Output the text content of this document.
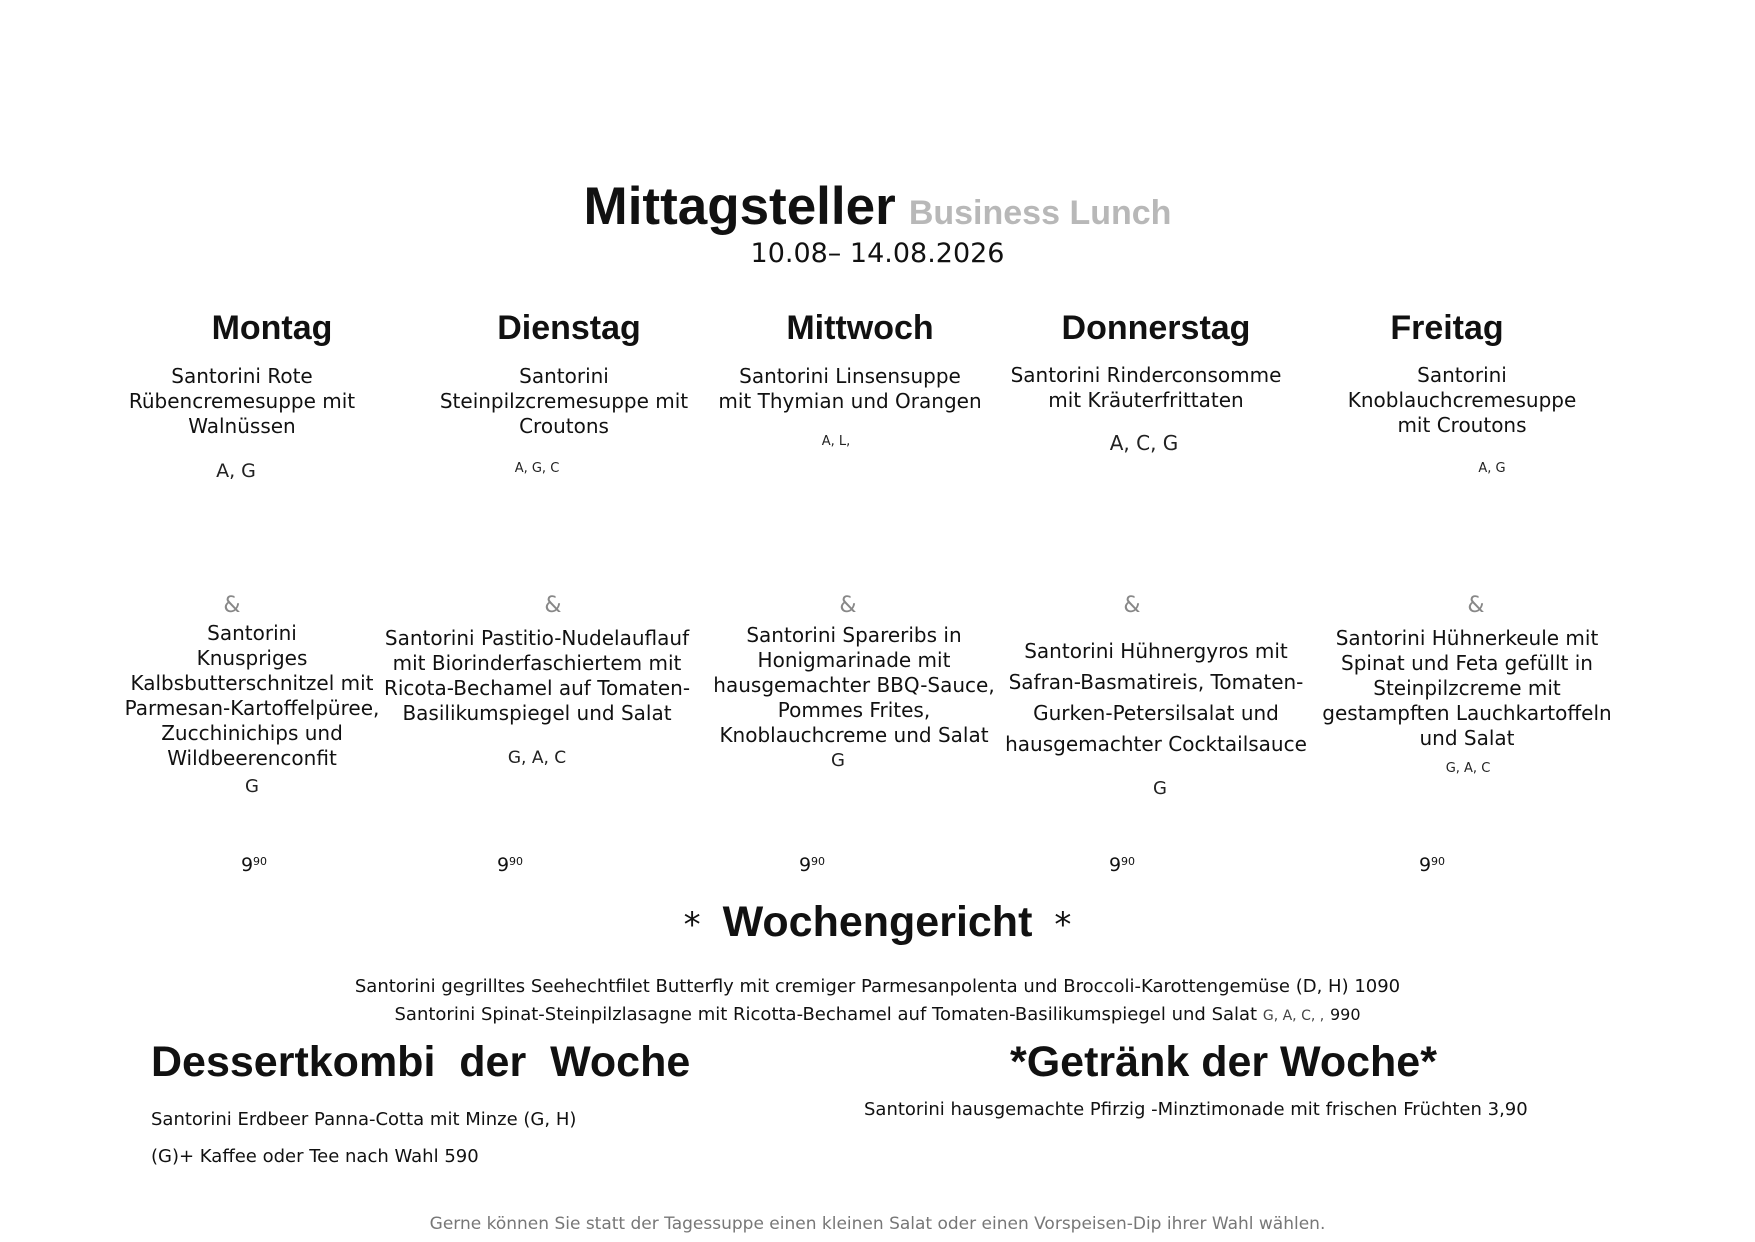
Mittagsteller Business Lunch
10.08– 14.08.2026
Montag
Santorini Rote
Rübencremesuppe mit
Walnüssen
A, G
&
Santorini
Knuspriges
Kalbsbutterschnitzel mit
Parmesan-Kartoffelpüree,
Zucchinichips und
Wildbeerenconfit
G
$9^{90}$
Dienstag
Santorini
Steinpilzcremesuppe mit
Croutons
A, G, C
&
Santorini Pastitio-Nudelauflauf
mit Biorinderfaschiertem mit
Ricota-Bechamel auf Tomaten-
Basilikumspiegel und Salat
G, A, C
$9^{90}$
Mittwoch
Santorini Linsensuppe
mit Thymian und Orangen
A, L,
&
Santorini Spareribs in
Honigmarinade mit
hausgemachter BBQ-Sauce,
Pommes Frites,
Knoblauchcreme und Salat
G
$9^{90}$
Donnerstag
Santorini Rinderconsomme
mit Kräuterfrittaten
A, C, G
&
Santorini Hühnergyros mit
Safran-Basmatireis, Tomaten-
Gurken-Petersilsalat und
hausgemachter Cocktailsauce
G
$9^{90}$
Freitag
Santorini
Knoblauchcremesuppe
mit Croutons
A, G
&
Santorini Hühnerkeule mit
Spinat und Feta gefüllt in
Steinpilzcreme mit
gestampften Lauchkartoffeln
und Salat
G, A, C
$9^{90}$
* Wochengericht *
Santorini gegrilltes Seehechtfilet Butterfly mit cremiger Parmesanpolenta und Broccoli-Karottengemüse (D, H) 1090
Santorini Spinat-Steinpilzlasagne mit Ricotta-Bechamel auf Tomaten-Basilikumspiegel und Salat G, A, C, , 990
Dessertkombi  der  Woche
Santorini Erdbeer Panna-Cotta mit Minze (G, H)
(G)+ Kaffee oder Tee nach Wahl 590
*Getränk der Woche*
Santorini hausgemachte Pfirzig -Minztimonade mit frischen Früchten 3,90
Gerne können Sie statt der Tagessuppe einen kleinen Salat oder einen Vorspeisen-Dip ihrer Wahl wählen.
